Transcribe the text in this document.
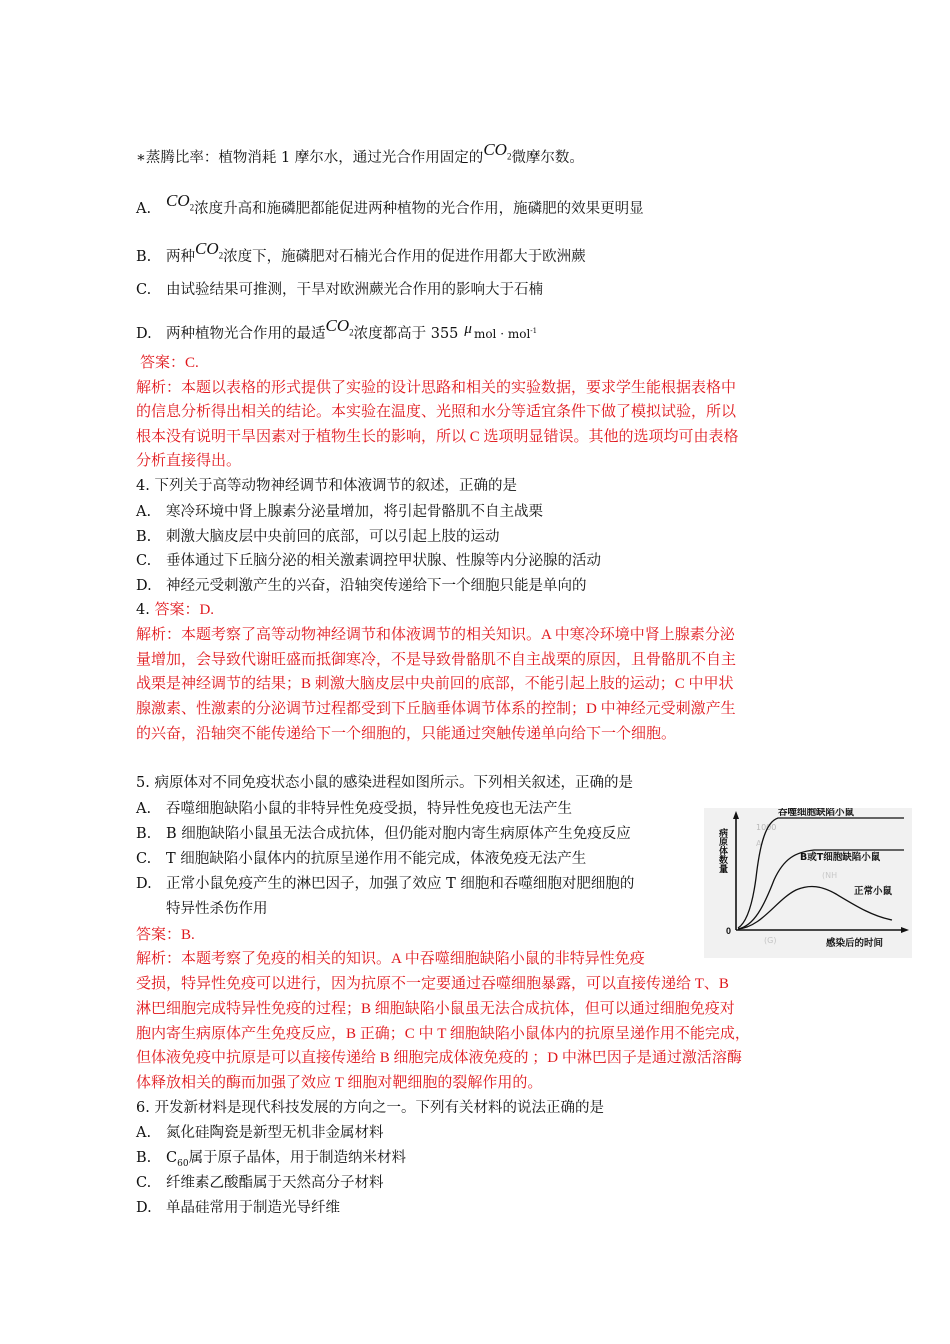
∗蒸腾比率：植物消耗 1 摩尔水，通过光合作用固定的$CO_2$微摩尔数。
A. $CO_2$浓度升高和施磷肥都能促进两种植物的光合作用，施磷肥的效果更明显
B. 两种$CO_2$浓度下，施磷肥对石楠光合作用的促进作用都大于欧洲蕨
C. 由试验结果可推测，干旱对欧洲蕨光合作用的影响大于石楠
D. 两种植物光合作用的最适$CO_2$浓度都高于 355 μ mol · mol$^{-1}$
答案：C.
解析：本题以表格的形式提供了实验的设计思路和相关的实验数据，要求学生能根据表格中
的信息分析得出相关的结论。本实验在温度、光照和水分等适宜条件下做了模拟试验，所以
根本没有说明干旱因素对于植物生长的影响，所以 C 选项明显错误。其他的选项均可由表格
分析直接得出。
4. 下列关于高等动物神经调节和体液调节的叙述，正确的是
A. 寒冷环境中肾上腺素分泌量增加，将引起骨骼肌不自主战栗
B. 刺激大脑皮层中央前回的底部，可以引起上肢的运动
C. 垂体通过下丘脑分泌的相关激素调控甲状腺、性腺等内分泌腺的活动
D. 神经元受刺激产生的兴奋，沿轴突传递给下一个细胞只能是单向的
4. 答案：D.
解析：本题考察了高等动物神经调节和体液调节的相关知识。A 中寒冷环境中肾上腺素分泌
量增加，会导致代谢旺盛而抵御寒冷，不是导致骨骼肌不自主战栗的原因，且骨骼肌不自主
战栗是神经调节的结果；B 刺激大脑皮层中央前回的底部，不能引起上肢的运动；C 中甲状
腺激素、性激素的分泌调节过程都受到下丘脑垂体调节体系的控制；D 中神经元受刺激产生
的兴奋，沿轴突不能传递给下一个细胞的，只能通过突触传递单向给下一个细胞。
5. 病原体对不同免疫状态小鼠的感染进程如图所示。下列相关叙述，正确的是
A. 吞噬细胞缺陷小鼠的非特异性免疫受损，特异性免疫也无法产生
B. B 细胞缺陷小鼠虽无法合成抗体，但仍能对胞内寄生病原体产生免疫反应
C. T 细胞缺陷小鼠体内的抗原呈递作用不能完成，体液免疫无法产生
D. 正常小鼠免疫产生的淋巴因子，加强了效应 T 细胞和吞噬细胞对肥细胞的
特异性杀伤作用
1000
A
(NH
(G)
0
病原体数量
吞噬细胞缺陷小鼠
B或T细胞缺陷小鼠
正常小鼠
感染后的时间
答案：B.
解析：本题考察了免疫的相关的知识。A 中吞噬细胞缺陷小鼠的非特异性免疫
受损，特异性免疫可以进行，因为抗原不一定要通过吞噬细胞暴露，可以直接传递给 T、B
淋巴细胞完成特异性免疫的过程；B 细胞缺陷小鼠虽无法合成抗体，但可以通过细胞免疫对
胞内寄生病原体产生免疫反应，B 正确；C 中 T 细胞缺陷小鼠体内的抗原呈递作用不能完成，
但体液免疫中抗原是可以直接传递给 B 细胞完成体液免疫的 ；D 中淋巴因子是通过激活溶酶
体释放相关的酶而加强了效应 T 细胞对靶细胞的裂解作用的。
6. 开发新材料是现代科技发展的方向之一。下列有关材料的说法正确的是
A. 氮化硅陶瓷是新型无机非金属材料
B. $C_{60}$属于原子晶体，用于制造纳米材料
C. 纤维素乙酸酯属于天然高分子材料
D. 单晶硅常用于制造光导纤维
